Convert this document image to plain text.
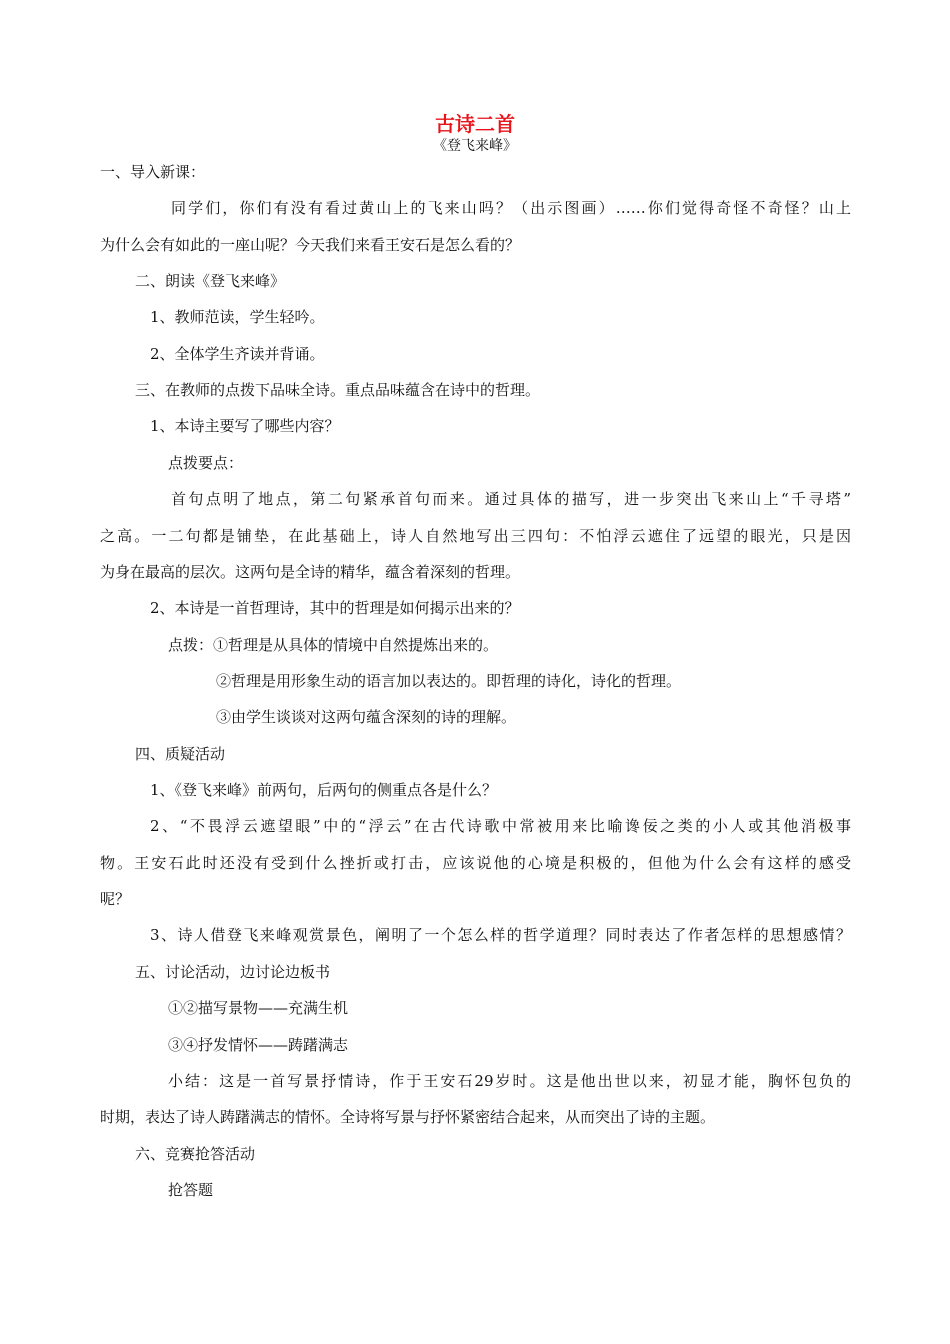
古诗二首
《登飞来峰》
一、导入新课：
同学们，你们有没有看过黄山上的飞来山吗？（出示图画）……你们觉得奇怪不奇怪？山上
为什么会有如此的一座山呢？今天我们来看王安石是怎么看的？
二、朗读《登飞来峰》
1、教师范读，学生轻吟。
2、全体学生齐读并背诵。
三、在教师的点拨下品味全诗。重点品味蕴含在诗中的哲理。
1、本诗主要写了哪些内容？
点拨要点：
首句点明了地点，第二句紧承首句而来。通过具体的描写，进一步突出飞来山上“千寻塔”
之高。一二句都是铺垫，在此基础上，诗人自然地写出三四句：不怕浮云遮住了远望的眼光，只是因
为身在最高的层次。这两句是全诗的精华，蕴含着深刻的哲理。
2、本诗是一首哲理诗，其中的哲理是如何揭示出来的？
点拨：①哲理是从具体的情境中自然提炼出来的。
②哲理是用形象生动的语言加以表达的。即哲理的诗化，诗化的哲理。
③由学生谈谈对这两句蕴含深刻的诗的理解。
四、质疑活动
1、《登飞来峰》前两句，后两句的侧重点各是什么？
2、“不畏浮云遮望眼”中的“浮云”在古代诗歌中常被用来比喻谗佞之类的小人或其他消极事
物。王安石此时还没有受到什么挫折或打击，应该说他的心境是积极的，但他为什么会有这样的感受
呢？
3、诗人借登飞来峰观赏景色，阐明了一个怎么样的哲学道理？同时表达了作者怎样的思想感情？
五、讨论活动，边讨论边板书
①②描写景物——充满生机
③④抒发情怀——踌躇满志
小结：这是一首写景抒情诗，作于王安石29岁时。这是他出世以来，初显才能，胸怀包负的
时期，表达了诗人踌躇满志的情怀。全诗将写景与抒怀紧密结合起来，从而突出了诗的主题。
六、竞赛抢答活动
抢答题
